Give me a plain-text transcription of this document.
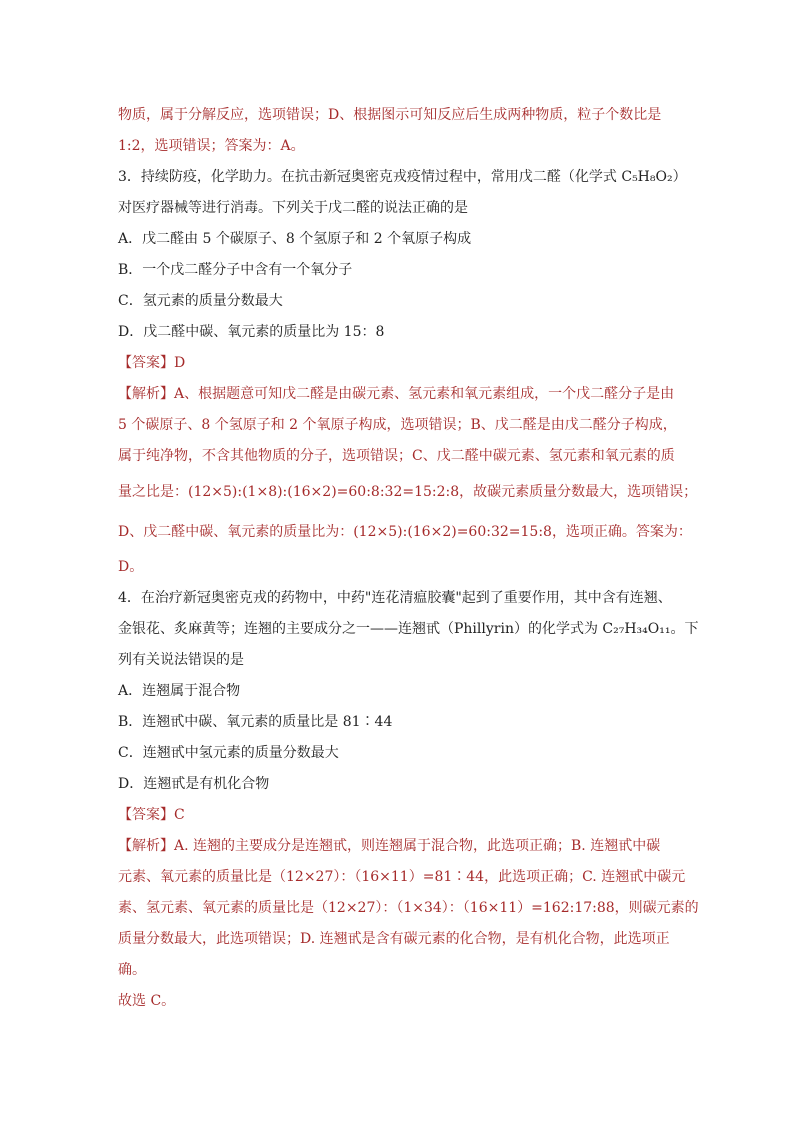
物质，属于分解反应，选项错误；D、根据图示可知反应后生成两种物质，粒子个数比是
1:2，选项错误；答案为：A。
3．持续防疫，化学助力。在抗击新冠奥密克戎疫情过程中，常用戊二醛（化学式 C₅H₈O₂）
对医疗器械等进行消毒。下列关于戊二醛的说法正确的是
A．戊二醛由 5 个碳原子、8 个氢原子和 2 个氧原子构成
B．一个戊二醛分子中含有一个氧分子
C．氢元素的质量分数最大
D．戊二醛中碳、氧元素的质量比为 15：8
【答案】D
【解析】A、根据题意可知戊二醛是由碳元素、氢元素和氧元素组成，一个戊二醛分子是由
5 个碳原子、8 个氢原子和 2 个氧原子构成，选项错误；B、戊二醛是由戊二醛分子构成，
属于纯净物，不含其他物质的分子，选项错误；C、戊二醛中碳元素、氢元素和氧元素的质
量之比是：(12×5):(1×8):(16×2)=60:8:32=15:2:8，故碳元素质量分数最大，选项错误；
D、戊二醛中碳、氧元素的质量比为：(12×5):(16×2)=60:32=15:8，选项正确。答案为：
D。
4．在治疗新冠奥密克戎的药物中，中药"连花清瘟胶囊"起到了重要作用，其中含有连翘、
金银花、炙麻黄等；连翘的主要成分之一——连翘甙（Phillyrin）的化学式为 C₂₇H₃₄O₁₁。下
列有关说法错误的是
A．连翘属于混合物
B．连翘甙中碳、氧元素的质量比是 81∶44
C．连翘甙中氢元素的质量分数最大
D．连翘甙是有机化合物
【答案】C
【解析】A. 连翘的主要成分是连翘甙，则连翘属于混合物，此选项正确；B. 连翘甙中碳
元素、氧元素的质量比是（12×27）：（16×11）=81∶44，此选项正确；C. 连翘甙中碳元
素、氢元素、氧元素的质量比是（12×27）：（1×34）：（16×11）=162:17:88，则碳元素的
质量分数最大，此选项错误；D. 连翘甙是含有碳元素的化合物，是有机化合物，此选项正
确。
故选 C。
